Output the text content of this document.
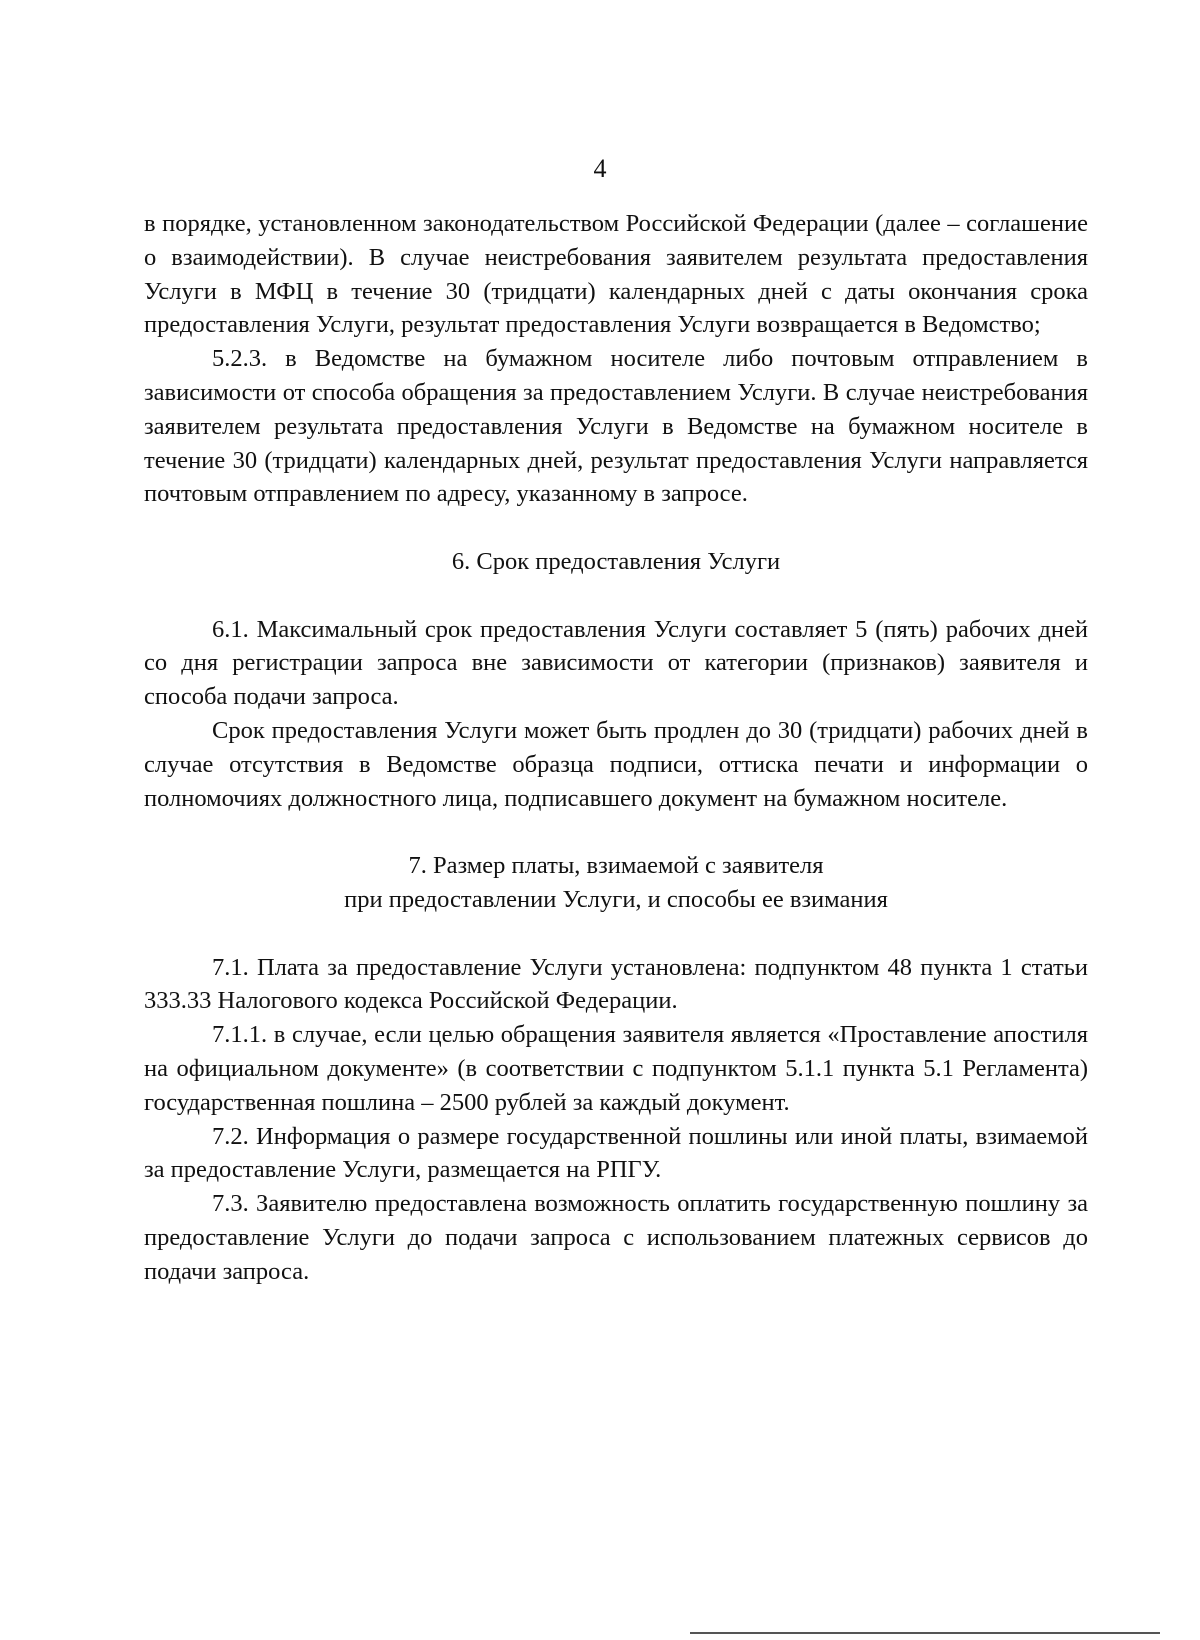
4

в порядке, установленном законодательством Российской Федерации (далее – соглашение о взаимодействии). В случае неистребования заявителем результата предоставления Услуги в МФЦ в течение 30 (тридцати) календарных дней с даты окончания срока предоставления Услуги, результат предоставления Услуги возвращается в Ведомство;

5.2.3. в Ведомстве на бумажном носителе либо почтовым отправлением в зависимости от способа обращения за предоставлением Услуги. В случае неистребования заявителем результата предоставления Услуги в Ведомстве на бумажном носителе в течение 30 (тридцати) календарных дней, результат предоставления Услуги направляется почтовым отправлением по адресу, указанному в запросе.

6. Срок предоставления Услуги

6.1. Максимальный срок предоставления Услуги составляет 5 (пять) рабочих дней со дня регистрации запроса вне зависимости от категории (признаков) заявителя и способа подачи запроса.

Срок предоставления Услуги может быть продлен до 30 (тридцати) рабочих дней в случае отсутствия в Ведомстве образца подписи, оттиска печати и информации о полномочиях должностного лица, подписавшего документ на бумажном носителе.

7. Размер платы, взимаемой с заявителя
при предоставлении Услуги, и способы ее взимания

7.1. Плата за предоставление Услуги установлена: подпунктом 48 пункта 1 статьи 333.33 Налогового кодекса Российской Федерации.

7.1.1. в случае, если целью обращения заявителя является «Проставление апостиля на официальном документе» (в соответствии с подпунктом 5.1.1 пункта 5.1 Регламента) государственная пошлина – 2500 рублей за каждый документ.

7.2. Информация о размере государственной пошлины или иной платы, взимаемой за предоставление Услуги, размещается на РПГУ.

7.3. Заявителю предоставлена возможность оплатить государственную пошлину за предоставление Услуги до подачи запроса с использованием платежных сервисов до подачи запроса.
